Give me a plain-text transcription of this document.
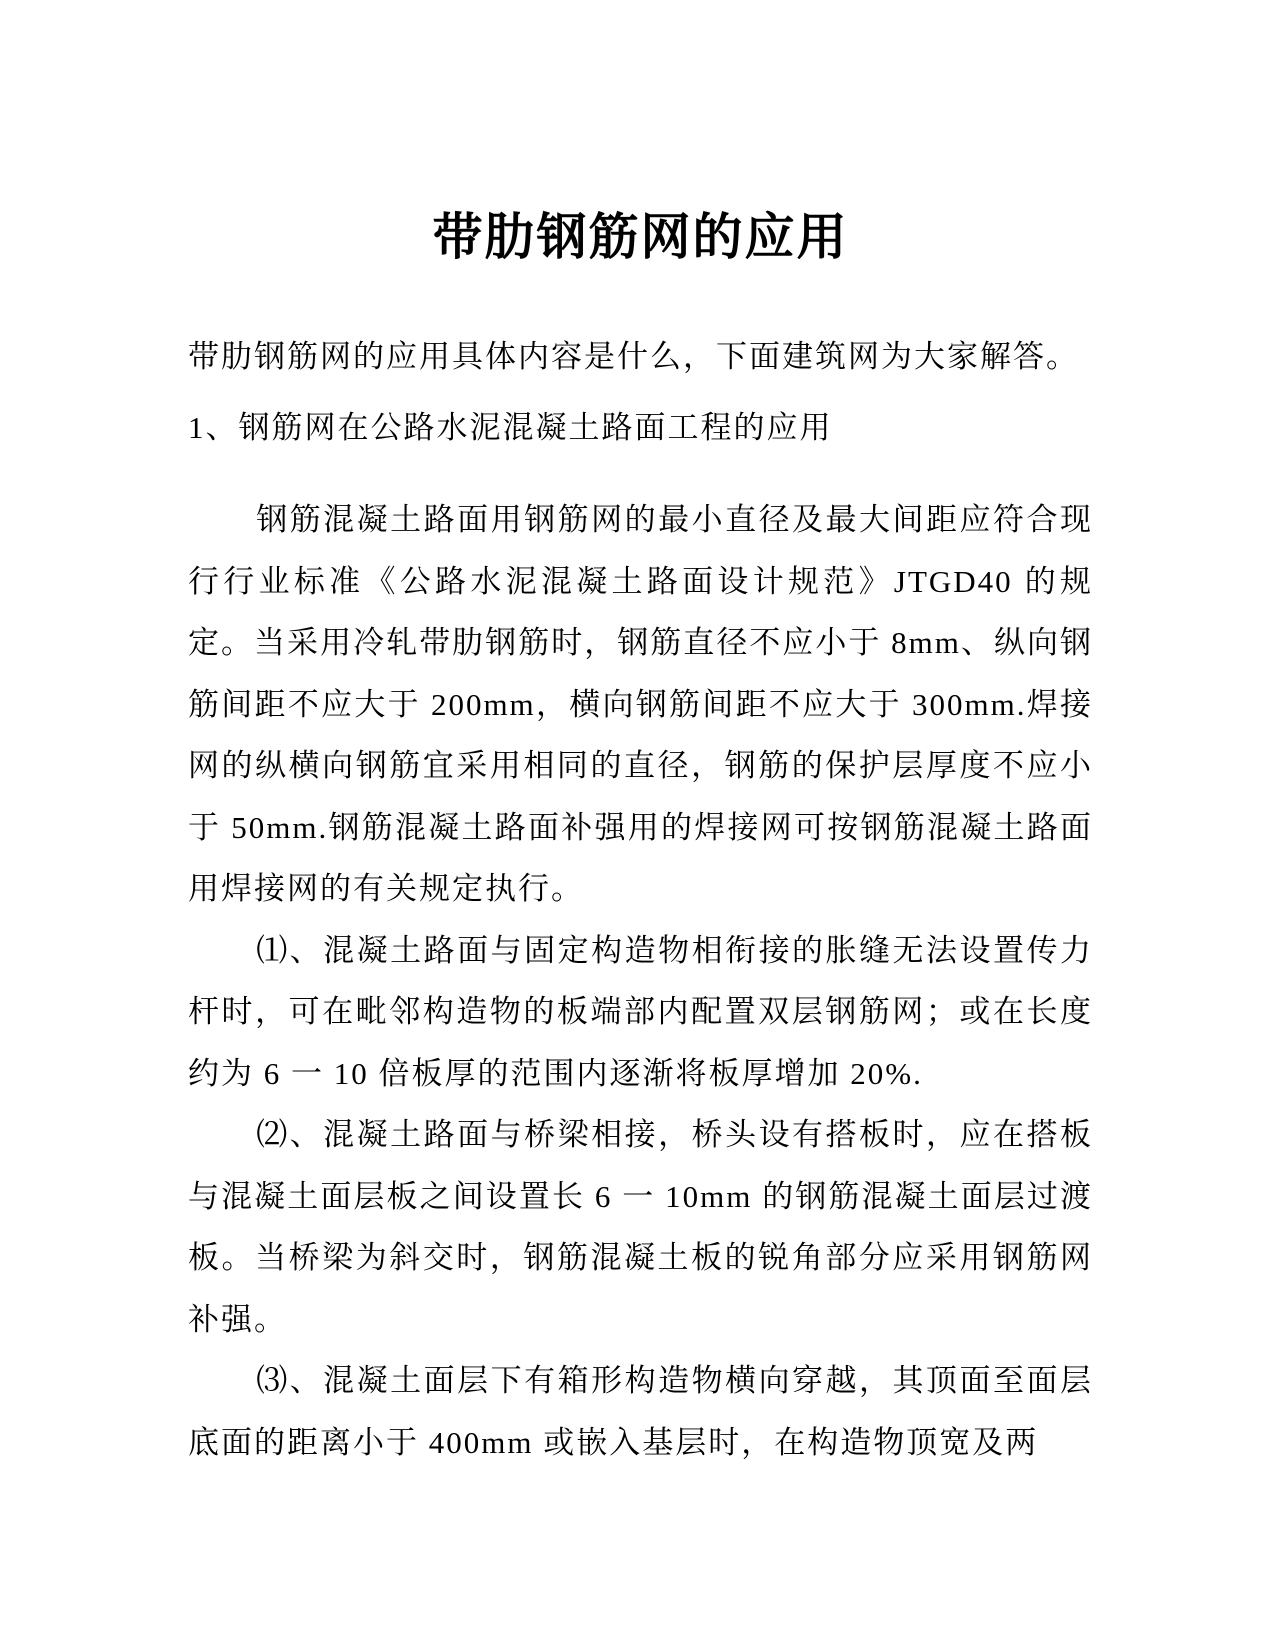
带肋钢筋网的应用

带肋钢筋网的应用具体内容是什么，下面建筑网为大家解答。

1、钢筋网在公路水泥混凝土路面工程的应用

钢筋混凝土路面用钢筋网的最小直径及最大间距应符合现行行业标准《公路水泥混凝土路面设计规范》JTGD40 的规定。当采用冷轧带肋钢筋时，钢筋直径不应小于 8mm、纵向钢筋间距不应大于 200mm，横向钢筋间距不应大于 300mm.焊接网的纵横向钢筋宜采用相同的直径，钢筋的保护层厚度不应小于 50mm.钢筋混凝土路面补强用的焊接网可按钢筋混凝土路面用焊接网的有关规定执行。

⑴、混凝土路面与固定构造物相衔接的胀缝无法设置传力杆时，可在毗邻构造物的板端部内配置双层钢筋网；或在长度约为 6 一 10 倍板厚的范围内逐渐将板厚增加 20%.

⑵、混凝土路面与桥梁相接，桥头设有搭板时，应在搭板与混凝土面层板之间设置长 6 一 10mm 的钢筋混凝土面层过渡板。当桥梁为斜交时，钢筋混凝土板的锐角部分应采用钢筋网补强。

⑶、混凝土面层下有箱形构造物横向穿越，其顶面至面层底面的距离小于 400mm 或嵌入基层时，在构造物顶宽及两
